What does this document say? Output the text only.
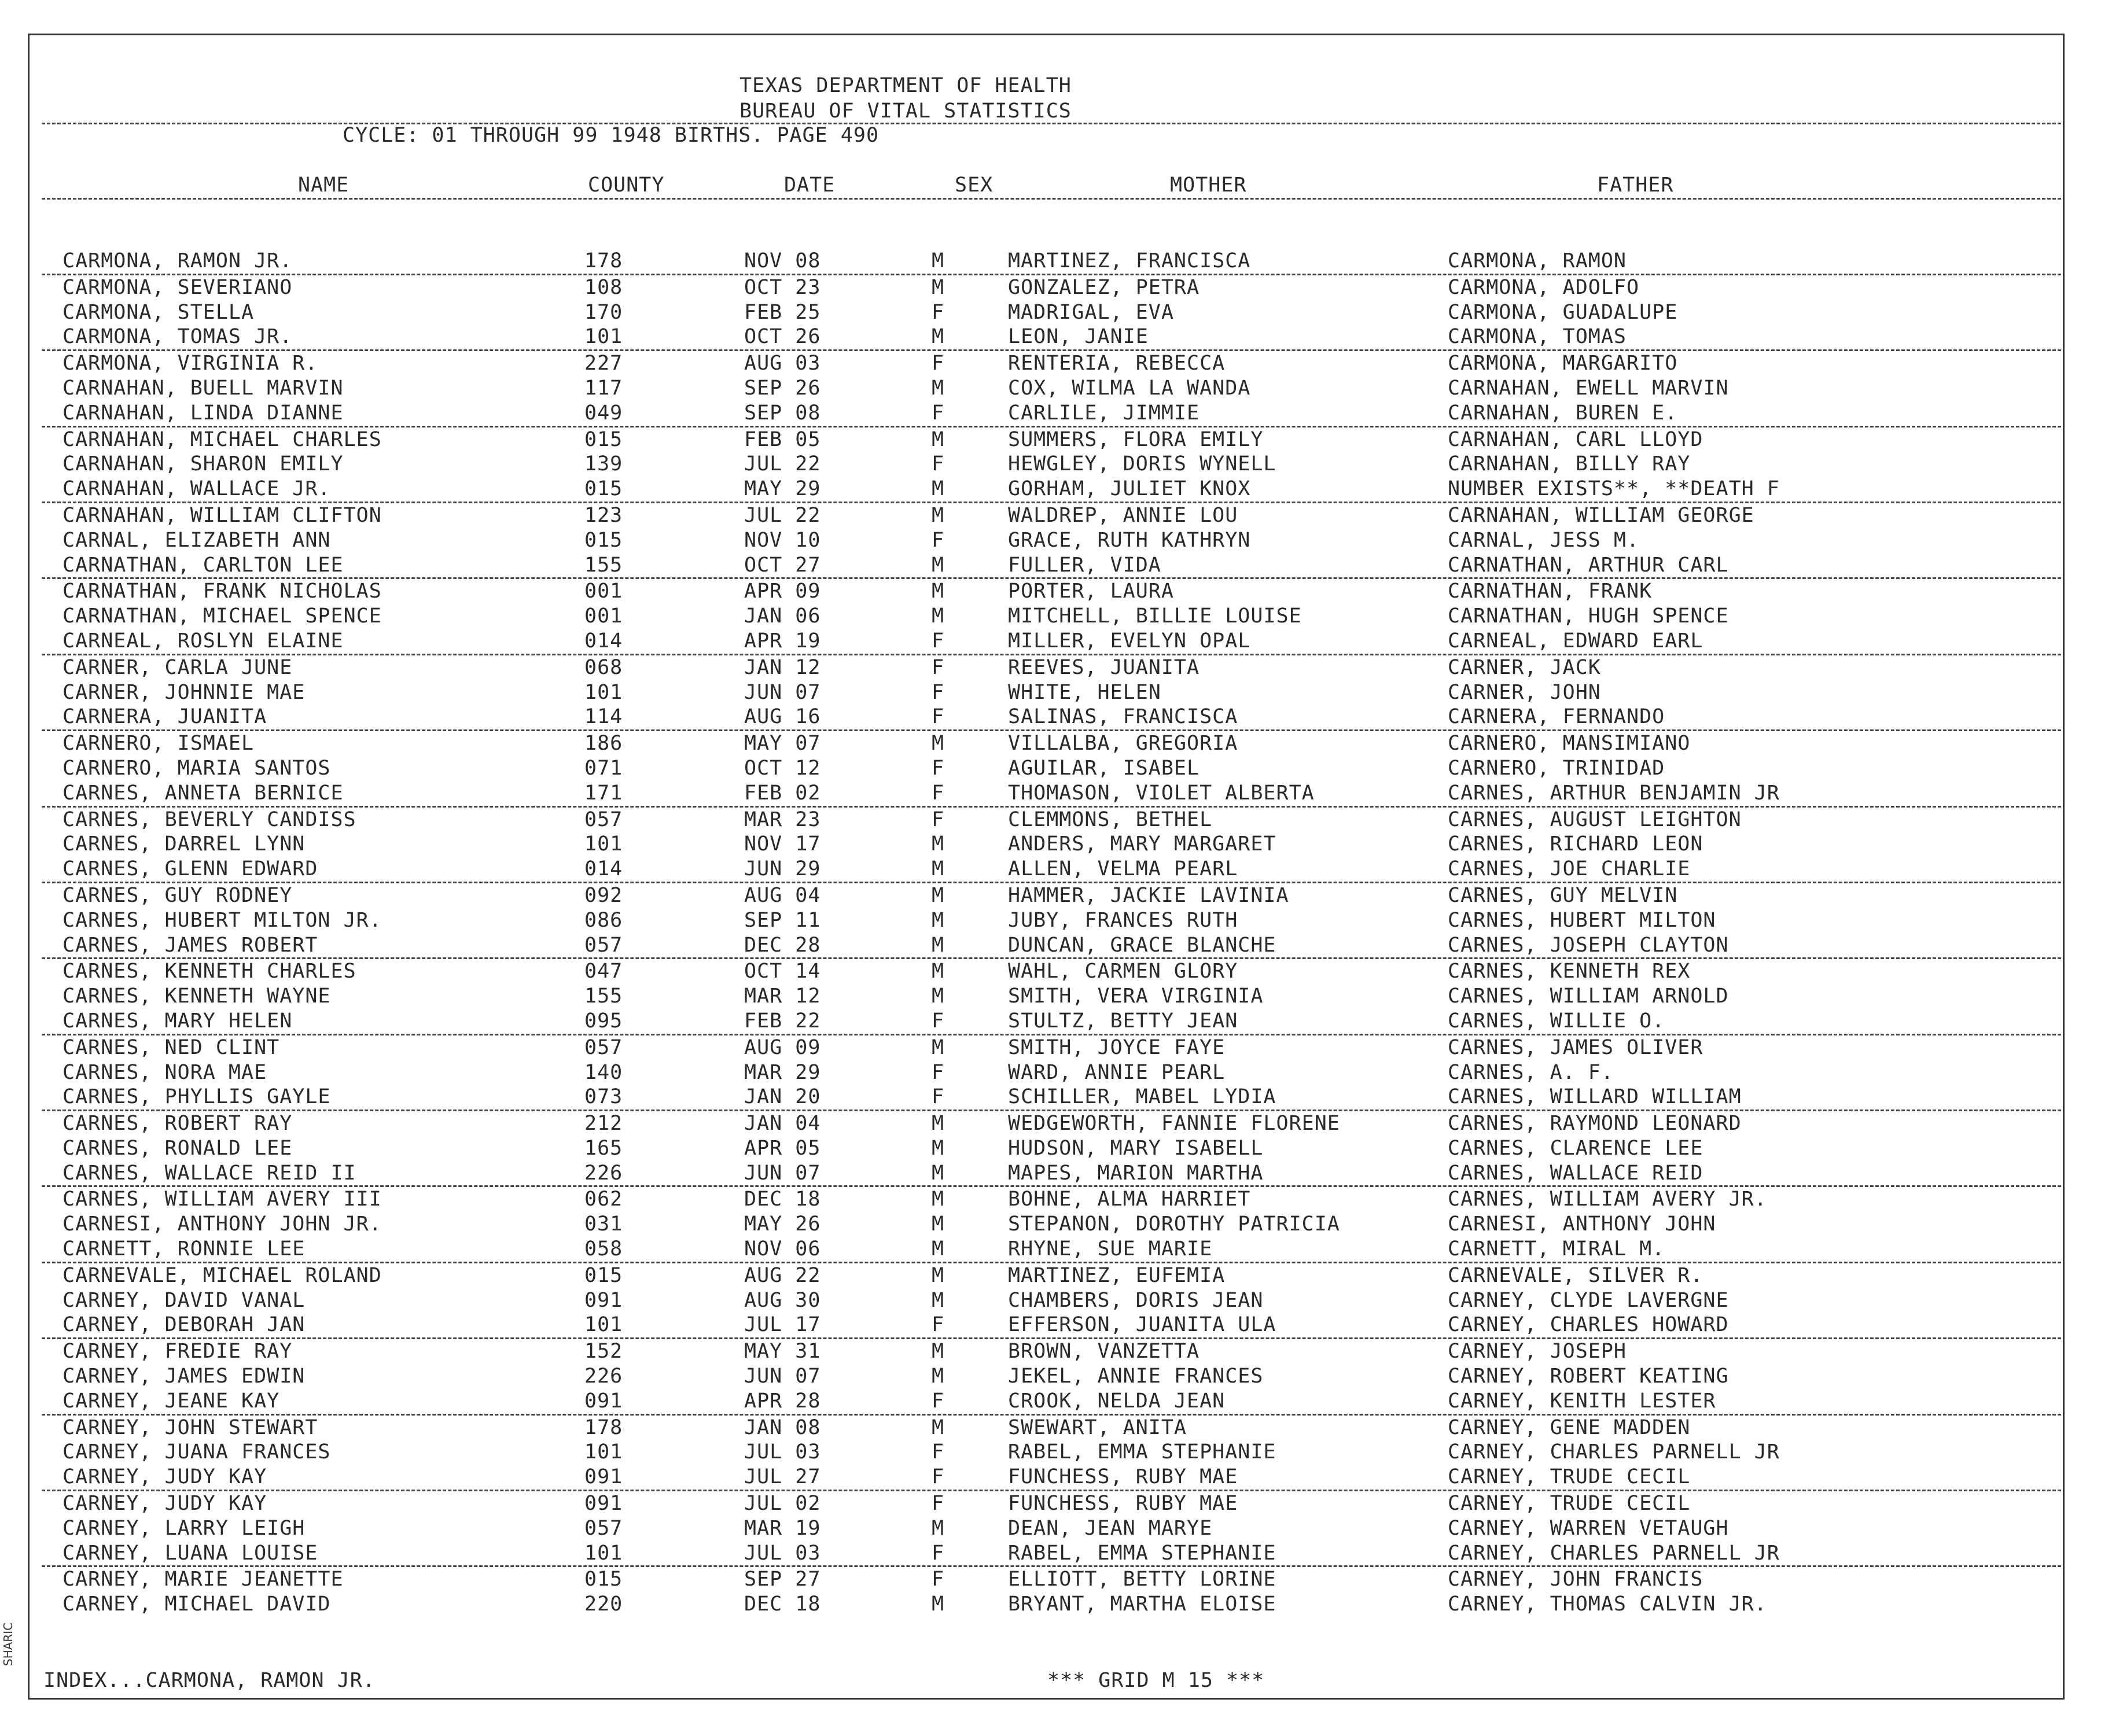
TEXAS DEPARTMENT OF HEALTH
BUREAU OF VITAL STATISTICS
CYCLE: 01 THROUGH 99 1948 BIRTHS. PAGE 490
NAME	COUNTY	DATE	SEX	MOTHER	FATHER
CARMONA, RAMON JR.	178	NOV 08	M	MARTINEZ, FRANCISCA	CARMONA, RAMON
CARMONA, SEVERIANO	108	OCT 23	M	GONZALEZ, PETRA	CARMONA, ADOLFO
CARMONA, STELLA	170	FEB 25	F	MADRIGAL, EVA	CARMONA, GUADALUPE
CARMONA, TOMAS JR.	101	OCT 26	M	LEON, JANIE	CARMONA, TOMAS
CARMONA, VIRGINIA R.	227	AUG 03	F	RENTERIA, REBECCA	CARMONA, MARGARITO
CARNAHAN, BUELL MARVIN	117	SEP 26	M	COX, WILMA LA WANDA	CARNAHAN, EWELL MARVIN
CARNAHAN, LINDA DIANNE	049	SEP 08	F	CARLILE, JIMMIE	CARNAHAN, BUREN E.
CARNAHAN, MICHAEL CHARLES	015	FEB 05	M	SUMMERS, FLORA EMILY	CARNAHAN, CARL LLOYD
CARNAHAN, SHARON EMILY	139	JUL 22	F	HEWGLEY, DORIS WYNELL	CARNAHAN, BILLY RAY
CARNAHAN, WALLACE JR.	015	MAY 29	M	GORHAM, JULIET KNOX	NUMBER EXISTS**, **DEATH F
CARNAHAN, WILLIAM CLIFTON	123	JUL 22	M	WALDREP, ANNIE LOU	CARNAHAN, WILLIAM GEORGE
CARNAL, ELIZABETH ANN	015	NOV 10	F	GRACE, RUTH KATHRYN	CARNAL, JESS M.
CARNATHAN, CARLTON LEE	155	OCT 27	M	FULLER, VIDA	CARNATHAN, ARTHUR CARL
CARNATHAN, FRANK NICHOLAS	001	APR 09	M	PORTER, LAURA	CARNATHAN, FRANK
CARNATHAN, MICHAEL SPENCE	001	JAN 06	M	MITCHELL, BILLIE LOUISE	CARNATHAN, HUGH SPENCE
CARNEAL, ROSLYN ELAINE	014	APR 19	F	MILLER, EVELYN OPAL	CARNEAL, EDWARD EARL
CARNER, CARLA JUNE	068	JAN 12	F	REEVES, JUANITA	CARNER, JACK
CARNER, JOHNNIE MAE	101	JUN 07	F	WHITE, HELEN	CARNER, JOHN
CARNERA, JUANITA	114	AUG 16	F	SALINAS, FRANCISCA	CARNERA, FERNANDO
CARNERO, ISMAEL	186	MAY 07	M	VILLALBA, GREGORIA	CARNERO, MANSIMIANO
CARNERO, MARIA SANTOS	071	OCT 12	F	AGUILAR, ISABEL	CARNERO, TRINIDAD
CARNES, ANNETA BERNICE	171	FEB 02	F	THOMASON, VIOLET ALBERTA	CARNES, ARTHUR BENJAMIN JR
CARNES, BEVERLY CANDISS	057	MAR 23	F	CLEMMONS, BETHEL	CARNES, AUGUST LEIGHTON
CARNES, DARREL LYNN	101	NOV 17	M	ANDERS, MARY MARGARET	CARNES, RICHARD LEON
CARNES, GLENN EDWARD	014	JUN 29	M	ALLEN, VELMA PEARL	CARNES, JOE CHARLIE
CARNES, GUY RODNEY	092	AUG 04	M	HAMMER, JACKIE LAVINIA	CARNES, GUY MELVIN
CARNES, HUBERT MILTON JR.	086	SEP 11	M	JUBY, FRANCES RUTH	CARNES, HUBERT MILTON
CARNES, JAMES ROBERT	057	DEC 28	M	DUNCAN, GRACE BLANCHE	CARNES, JOSEPH CLAYTON
CARNES, KENNETH CHARLES	047	OCT 14	M	WAHL, CARMEN GLORY	CARNES, KENNETH REX
CARNES, KENNETH WAYNE	155	MAR 12	M	SMITH, VERA VIRGINIA	CARNES, WILLIAM ARNOLD
CARNES, MARY HELEN	095	FEB 22	F	STULTZ, BETTY JEAN	CARNES, WILLIE O.
CARNES, NED CLINT	057	AUG 09	M	SMITH, JOYCE FAYE	CARNES, JAMES OLIVER
CARNES, NORA MAE	140	MAR 29	F	WARD, ANNIE PEARL	CARNES, A. F.
CARNES, PHYLLIS GAYLE	073	JAN 20	F	SCHILLER, MABEL LYDIA	CARNES, WILLARD WILLIAM
CARNES, ROBERT RAY	212	JAN 04	M	WEDGEWORTH, FANNIE FLORENE	CARNES, RAYMOND LEONARD
CARNES, RONALD LEE	165	APR 05	M	HUDSON, MARY ISABELL	CARNES, CLARENCE LEE
CARNES, WALLACE REID II	226	JUN 07	M	MAPES, MARION MARTHA	CARNES, WALLACE REID
CARNES, WILLIAM AVERY III	062	DEC 18	M	BOHNE, ALMA HARRIET	CARNES, WILLIAM AVERY JR.
CARNESI, ANTHONY JOHN JR.	031	MAY 26	M	STEPANON, DOROTHY PATRICIA	CARNESI, ANTHONY JOHN
CARNETT, RONNIE LEE	058	NOV 06	M	RHYNE, SUE MARIE	CARNETT, MIRAL M.
CARNEVALE, MICHAEL ROLAND	015	AUG 22	M	MARTINEZ, EUFEMIA	CARNEVALE, SILVER R.
CARNEY, DAVID VANAL	091	AUG 30	M	CHAMBERS, DORIS JEAN	CARNEY, CLYDE LAVERGNE
CARNEY, DEBORAH JAN	101	JUL 17	F	EFFERSON, JUANITA ULA	CARNEY, CHARLES HOWARD
CARNEY, FREDIE RAY	152	MAY 31	M	BROWN, VANZETTA	CARNEY, JOSEPH
CARNEY, JAMES EDWIN	226	JUN 07	M	JEKEL, ANNIE FRANCES	CARNEY, ROBERT KEATING
CARNEY, JEANE KAY	091	APR 28	F	CROOK, NELDA JEAN	CARNEY, KENITH LESTER
CARNEY, JOHN STEWART	178	JAN 08	M	SWEWART, ANITA	CARNEY, GENE MADDEN
CARNEY, JUANA FRANCES	101	JUL 03	F	RABEL, EMMA STEPHANIE	CARNEY, CHARLES PARNELL JR
CARNEY, JUDY KAY	091	JUL 27	F	FUNCHESS, RUBY MAE	CARNEY, TRUDE CECIL
CARNEY, JUDY KAY	091	JUL 02	F	FUNCHESS, RUBY MAE	CARNEY, TRUDE CECIL
CARNEY, LARRY LEIGH	057	MAR 19	M	DEAN, JEAN MARYE	CARNEY, WARREN VETAUGH
CARNEY, LUANA LOUISE	101	JUL 03	F	RABEL, EMMA STEPHANIE	CARNEY, CHARLES PARNELL JR
CARNEY, MARIE JEANETTE	015	SEP 27	F	ELLIOTT, BETTY LORINE	CARNEY, JOHN FRANCIS
CARNEY, MICHAEL DAVID	220	DEC 18	M	BRYANT, MARTHA ELOISE	CARNEY, THOMAS CALVIN JR.
INDEX...CARMONA, RAMON JR.	*** GRID M 15 ***
SHARIC
